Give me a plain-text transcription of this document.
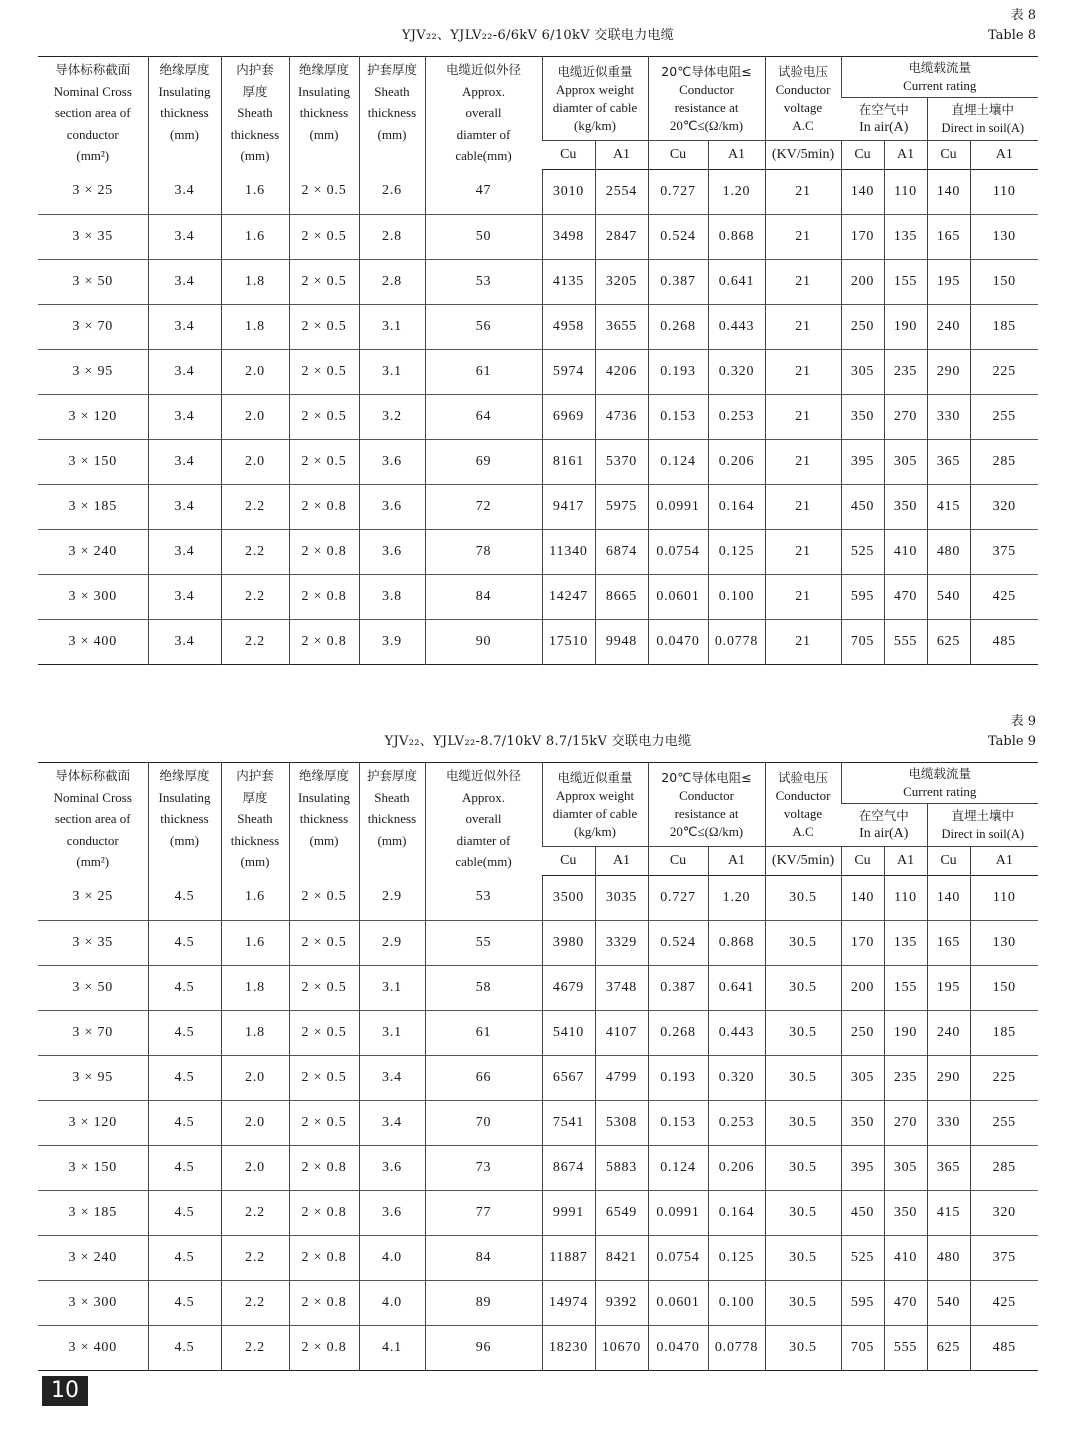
YJV₂₂、YJLV₂₂-6/6kV 6/10kV 交联电力电缆
表 8
Table 8
导体标称截面
Nominal Cross
section area of
conductor
(mm²)	绝缘厚度
Insulating
thickness
(mm)	内护套
厚度
Sheath
thickness
(mm)	绝缘厚度
Insulating
thickness
(mm)	护套厚度
Sheath
thickness
(mm)	电缆近似外径
Approx.
overall
diamter of
cable(mm)	电缆近似重量
Approx weight
diamter of cable
(kg/km)		20℃导体电阻≤
Conductor
resistance at
20℃≤(Ω/km)		试验电压
Conductor
voltage
A.C	电缆载流量
Current rating			

											在空气中
In air(A)		直埋土壤中
Direct in soil(A)	
						Cu	A1	Cu	A1	(KV/5min)	Cu	A1	Cu	A1
3 × 25	3.4	1.6	2 × 0.5	2.6	47	3010	2554	0.727	1.20	21	140	110	140	110
3 × 35	3.4	1.6	2 × 0.5	2.8	50	3498	2847	0.524	0.868	21	170	135	165	130
3 × 50	3.4	1.8	2 × 0.5	2.8	53	4135	3205	0.387	0.641	21	200	155	195	150
3 × 70	3.4	1.8	2 × 0.5	3.1	56	4958	3655	0.268	0.443	21	250	190	240	185
3 × 95	3.4	2.0	2 × 0.5	3.1	61	5974	4206	0.193	0.320	21	305	235	290	225
3 × 120	3.4	2.0	2 × 0.5	3.2	64	6969	4736	0.153	0.253	21	350	270	330	255
3 × 150	3.4	2.0	2 × 0.5	3.6	69	8161	5370	0.124	0.206	21	395	305	365	285
3 × 185	3.4	2.2	2 × 0.8	3.6	72	9417	5975	0.0991	0.164	21	450	350	415	320
3 × 240	3.4	2.2	2 × 0.8	3.6	78	11340	6874	0.0754	0.125	21	525	410	480	375
3 × 300	3.4	2.2	2 × 0.8	3.8	84	14247	8665	0.0601	0.100	21	595	470	540	425
3 × 400	3.4	2.2	2 × 0.8	3.9	90	17510	9948	0.0470	0.0778	21	705	555	625	485
YJV₂₂、YJLV₂₂-8.7/10kV 8.7/15kV 交联电力电缆
表 9
Table 9
导体标称截面
Nominal Cross
section area of
conductor
(mm²)	绝缘厚度
Insulating
thickness
(mm)	内护套
厚度
Sheath
thickness
(mm)	绝缘厚度
Insulating
thickness
(mm)	护套厚度
Sheath
thickness
(mm)	电缆近似外径
Approx.
overall
diamter of
cable(mm)	电缆近似重量
Approx weight
diamter of cable
(kg/km)		20℃导体电阻≤
Conductor
resistance at
20℃≤(Ω/km)		试验电压
Conductor
voltage
A.C	电缆载流量
Current rating			

											在空气中
In air(A)		直埋土壤中
Direct in soil(A)	
						Cu	A1	Cu	A1	(KV/5min)	Cu	A1	Cu	A1
3 × 25	4.5	1.6	2 × 0.5	2.9	53	3500	3035	0.727	1.20	30.5	140	110	140	110
3 × 35	4.5	1.6	2 × 0.5	2.9	55	3980	3329	0.524	0.868	30.5	170	135	165	130
3 × 50	4.5	1.8	2 × 0.5	3.1	58	4679	3748	0.387	0.641	30.5	200	155	195	150
3 × 70	4.5	1.8	2 × 0.5	3.1	61	5410	4107	0.268	0.443	30.5	250	190	240	185
3 × 95	4.5	2.0	2 × 0.5	3.4	66	6567	4799	0.193	0.320	30.5	305	235	290	225
3 × 120	4.5	2.0	2 × 0.5	3.4	70	7541	5308	0.153	0.253	30.5	350	270	330	255
3 × 150	4.5	2.0	2 × 0.8	3.6	73	8674	5883	0.124	0.206	30.5	395	305	365	285
3 × 185	4.5	2.2	2 × 0.8	3.6	77	9991	6549	0.0991	0.164	30.5	450	350	415	320
3 × 240	4.5	2.2	2 × 0.8	4.0	84	11887	8421	0.0754	0.125	30.5	525	410	480	375
3 × 300	4.5	2.2	2 × 0.8	4.0	89	14974	9392	0.0601	0.100	30.5	595	470	540	425
3 × 400	4.5	2.2	2 × 0.8	4.1	96	18230	10670	0.0470	0.0778	30.5	705	555	625	485
10
